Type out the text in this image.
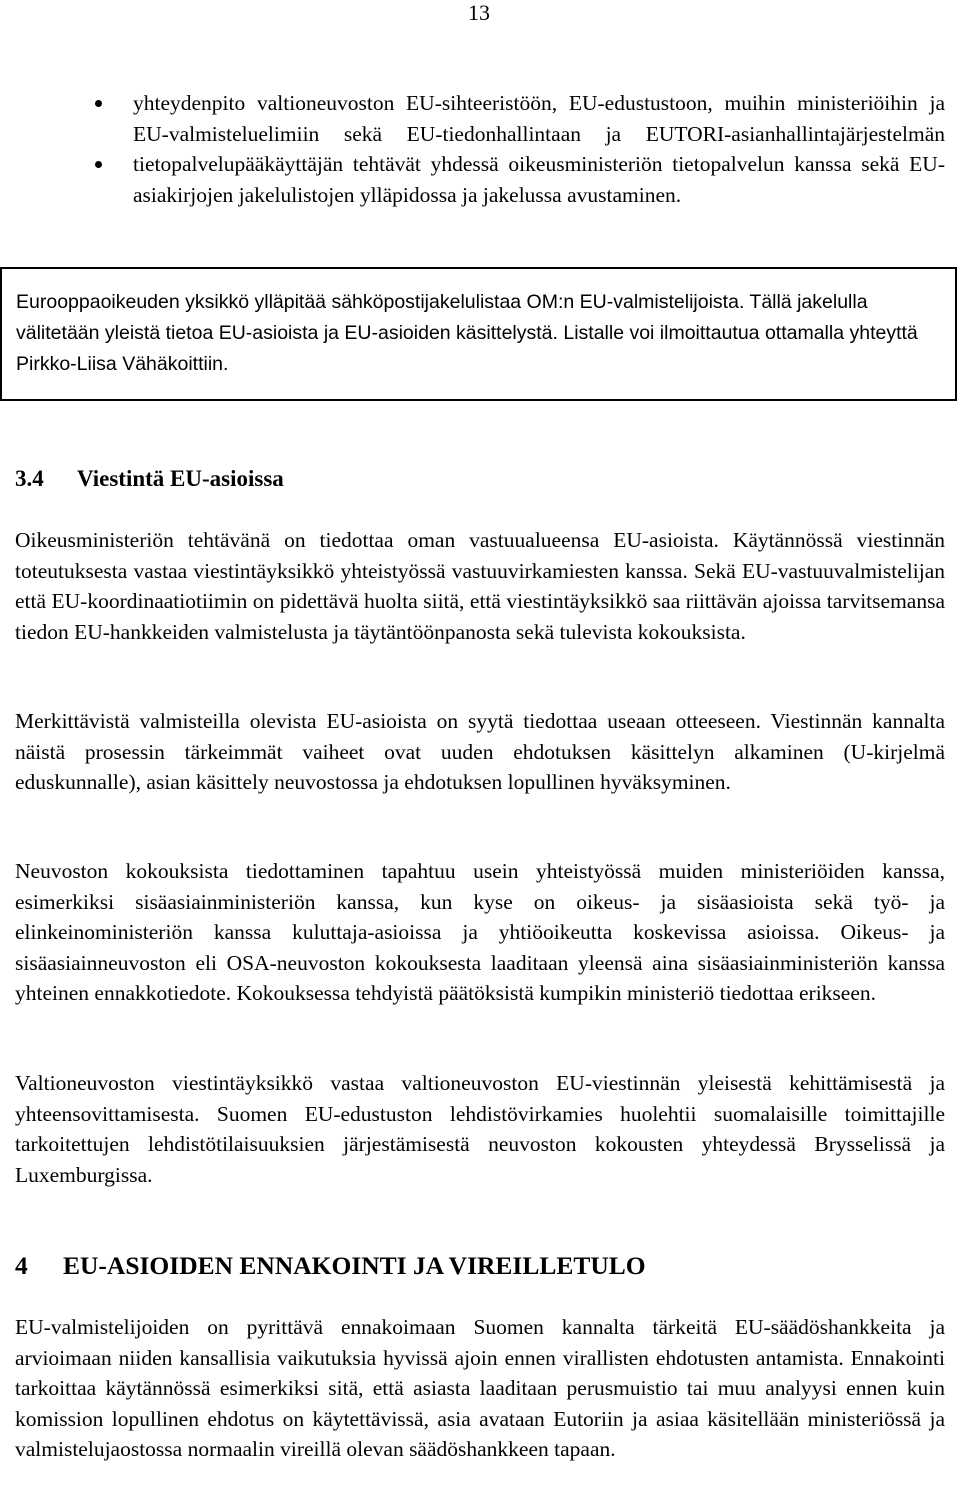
13
yhteydenpito valtioneuvoston EU-sihteeristöön, EU-edustustoon, muihin ministeriöihin ja EU-valmisteluelimiin sekä EU-tiedonhallintaan ja EUTORI-asianhallintajärjestelmän tietopalvelupääkäyttäjän tehtävät yhdessä oikeusministeriön tietopalvelun kanssa sekä EU-asiakirjojen jakelulistojen ylläpidossa ja jakelussa avustaminen.
Eurooppaoikeuden yksikkö ylläpitää sähköpostijakelulistaa OM:n EU-valmistelijoista. Tällä jakelulla välitetään yleistä tietoa EU-asioista ja EU-asioiden käsittelystä. Listalle voi ilmoittautua ottamalla yhteyttä Pirkko-Liisa Vähäkoittiin.
3.4 Viestintä EU-asioissa

Oikeusministeriön tehtävänä on tiedottaa oman vastuualueensa EU-asioista. Käytännössä viestinnän toteutuksesta vastaa viestintäyksikkö yhteistyössä vastuuvirkamiesten kanssa. Sekä EU-vastuuvalmistelijan että EU-koordinaatiotiimin on pidettävä huolta siitä, että viestintäyksikkö saa riittävän ajoissa tarvitsemansa tiedon EU-hankkeiden valmistelusta ja täytäntöönpanosta sekä tulevista kokouksista.

Merkittävistä valmisteilla olevista EU-asioista on syytä tiedottaa useaan otteeseen. Viestinnän kannalta näistä prosessin tärkeimmät vaiheet ovat uuden ehdotuksen käsittelyn alkaminen (U-kirjelmä eduskunnalle), asian käsittely neuvostossa ja ehdotuksen lopullinen hyväksyminen.

Neuvoston kokouksista tiedottaminen tapahtuu usein yhteistyössä muiden ministeriöiden kanssa, esimerkiksi sisäasiainministeriön kanssa, kun kyse on oikeus- ja sisäasioista sekä työ- ja elinkeinoministeriön kanssa kuluttaja-asioissa ja yhtiöoikeutta koskevissa asioissa. Oikeus- ja sisäasiainneuvoston eli OSA-neuvoston kokouksesta laaditaan yleensä aina sisäasiainministeriön kanssa yhteinen ennakkotiedote. Kokouksessa tehdyistä päätöksistä kumpikin ministeriö tiedottaa erikseen.

Valtioneuvoston viestintäyksikkö vastaa valtioneuvoston EU-viestinnän yleisestä kehittämisestä ja yhteensovittamisesta. Suomen EU-edustuston lehdistövirkamies huolehtii suomalaisille toimittajille tarkoitettujen lehdistötilaisuuksien järjestämisestä neuvoston kokousten yhteydessä Brysselissä ja Luxemburgissa.

4 EU-ASIOIDEN ENNAKOINTI JA VIREILLETULO

EU-valmistelijoiden on pyrittävä ennakoimaan Suomen kannalta tärkeitä EU-säädöshankkeita ja arvioimaan niiden kansallisia vaikutuksia hyvissä ajoin ennen virallisten ehdotusten antamista. Ennakointi tarkoittaa käytännössä esimerkiksi sitä, että asiasta laaditaan perusmuistio tai muu analyysi ennen kuin komission lopullinen ehdotus on käytettävissä, asia avataan Eutoriin ja asiaa käsitellään ministeriössä ja valmistelujaostossa normaalin vireillä olevan säädöshankkeen tapaan.
